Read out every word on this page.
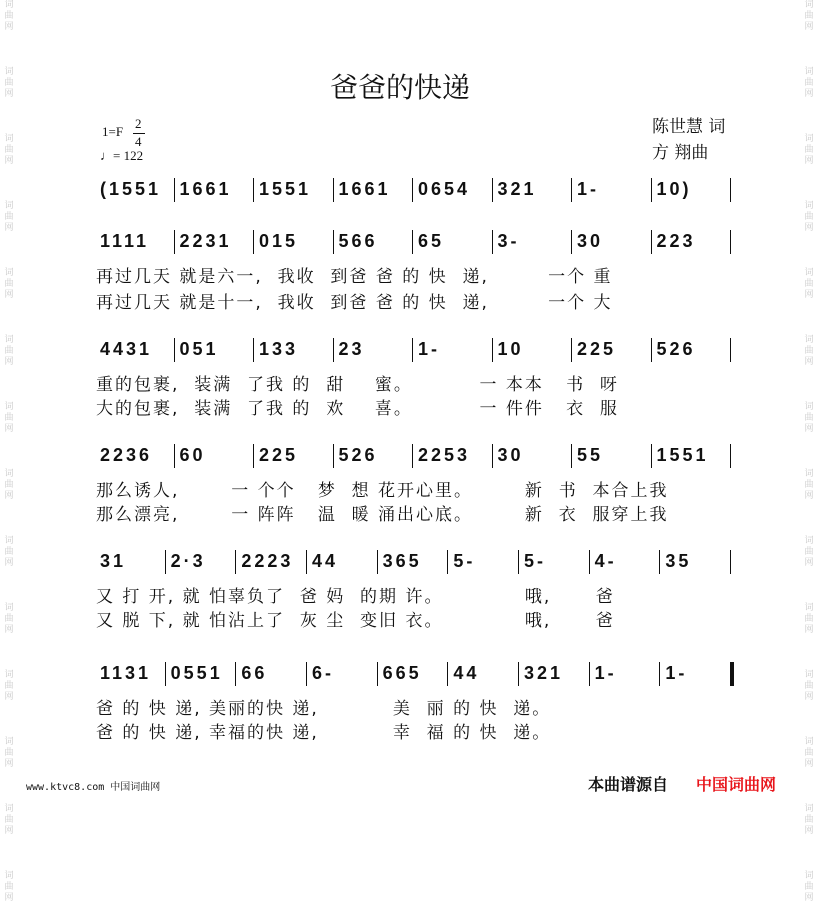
词曲网
词曲网
词曲网
词曲网
词曲网
词曲网
词曲网
词曲网
词曲网
词曲网
词曲网
词曲网
词曲网
词曲网
词曲网
词曲网
词曲网
词曲网
词曲网
词曲网
词曲网
词曲网
词曲网
词曲网
词曲网
词曲网
词曲网
词曲网
爸爸的快递
陈世慧 词
方 翔曲
1=F
2
4
♩= 122
(1551 1661 1551 1661 0654 321 1-	10)
1111 2231 015 566 65	3-	30	223
4431 051 133 23	1-	10	225 526
2236 60	225 526 2253 30	55	1551
31 2·3 2223 44 365 5-	5-	4-	35
1131 0551 66 6-	665 44 321 1-	1-
再过几天 就是六一,  我收  到爸 爸 的 快  递,        一个 重
再过几天 就是十一,  我收  到爸 爸 的 快  递,        一个 大
重的包裹,  装满  了我 的  甜    蜜。         一 本本   书  呀
大的包裹,  装满  了我 的  欢    喜。         一 件件   衣  服
那么诱人,       一 个个   梦  想 花开心里。       新  书  本合上我
那么漂亮,       一 阵阵   温  暖 涌出心底。       新  衣  服穿上我
又 打 开, 就 怕辜负了  爸 妈  的期 许。           哦,      爸
又 脱 下, 就 怕沾上了  灰 尘  变旧 衣。           哦,      爸
爸 的 快 递, 美丽的快 递,          美  丽 的 快  递。
爸 的 快 递, 幸福的快 递,          幸  福 的 快  递。
www.ktvc8.com 中国词曲网	本曲谱源自 中国词曲网
